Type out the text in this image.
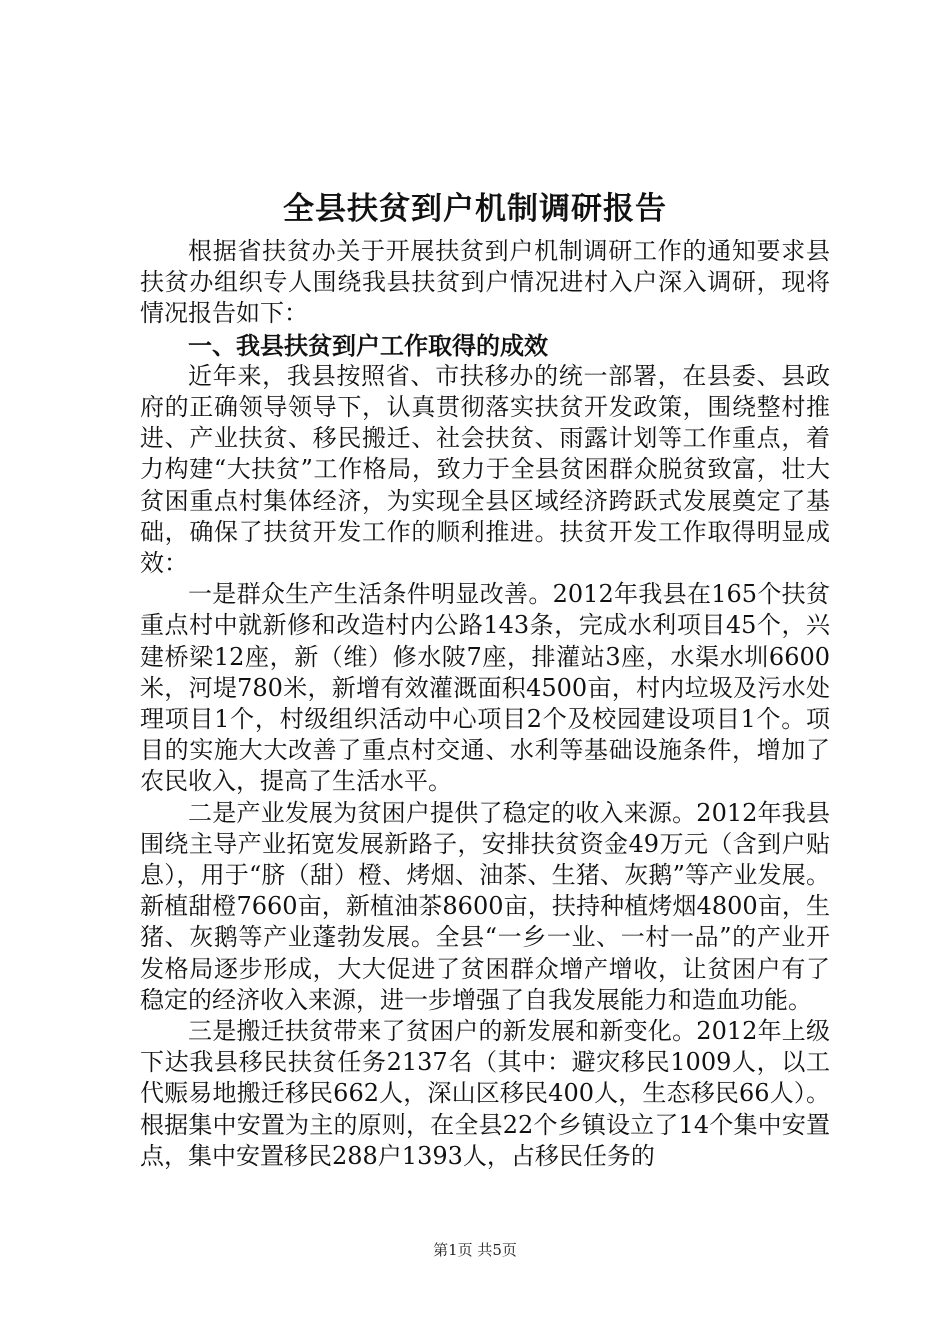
全县扶贫到户机制调研报告

根据省扶贫办关于开展扶贫到户机制调研工作的通知要求县扶贫办组织专人围绕我县扶贫到户情况进村入户深入调研，现将情况报告如下：

一、我县扶贫到户工作取得的成效

近年来，我县按照省、市扶移办的统一部署，在县委、县政府的正确领导领导下，认真贯彻落实扶贫开发政策，围绕整村推进、产业扶贫、移民搬迁、社会扶贫、雨露计划等工作重点，着力构建“大扶贫”工作格局，致力于全县贫困群众脱贫致富，壮大贫困重点村集体经济，为实现全县区域经济跨跃式发展奠定了基础，确保了扶贫开发工作的顺利推进。扶贫开发工作取得明显成效：

一是群众生产生活条件明显改善。2012年我县在165个扶贫重点村中就新修和改造村内公路143条，完成水利项目45个，兴建桥梁12座，新（维）修水陂7座，排灌站3座，水渠水圳6600米，河堤780米，新增有效灌溉面积4500亩，村内垃圾及污水处理项目1个，村级组织活动中心项目2个及校园建设项目1个。项目的实施大大改善了重点村交通、水利等基础设施条件，增加了农民收入，提高了生活水平。

二是产业发展为贫困户提供了稳定的收入来源。2012年我县围绕主导产业拓宽发展新路子，安排扶贫资金49万元（含到户贴息），用于“脐（甜）橙、烤烟、油茶、生猪、灰鹅”等产业发展。新植甜橙7660亩，新植油茶8600亩，扶持种植烤烟4800亩，生猪、灰鹅等产业蓬勃发展。全县“一乡一业、一村一品”的产业开发格局逐步形成，大大促进了贫困群众增产增收，让贫困户有了稳定的经济收入来源，进一步增强了自我发展能力和造血功能。

三是搬迁扶贫带来了贫困户的新发展和新变化。2012年上级下达我县移民扶贫任务2137名（其中：避灾移民1009人，以工代赈易地搬迁移民662人，深山区移民400人，生态移民66人）。根据集中安置为主的原则，在全县22个乡镇设立了14个集中安置点，集中安置移民288户1393人，占移民任务的

第1页 共5页
